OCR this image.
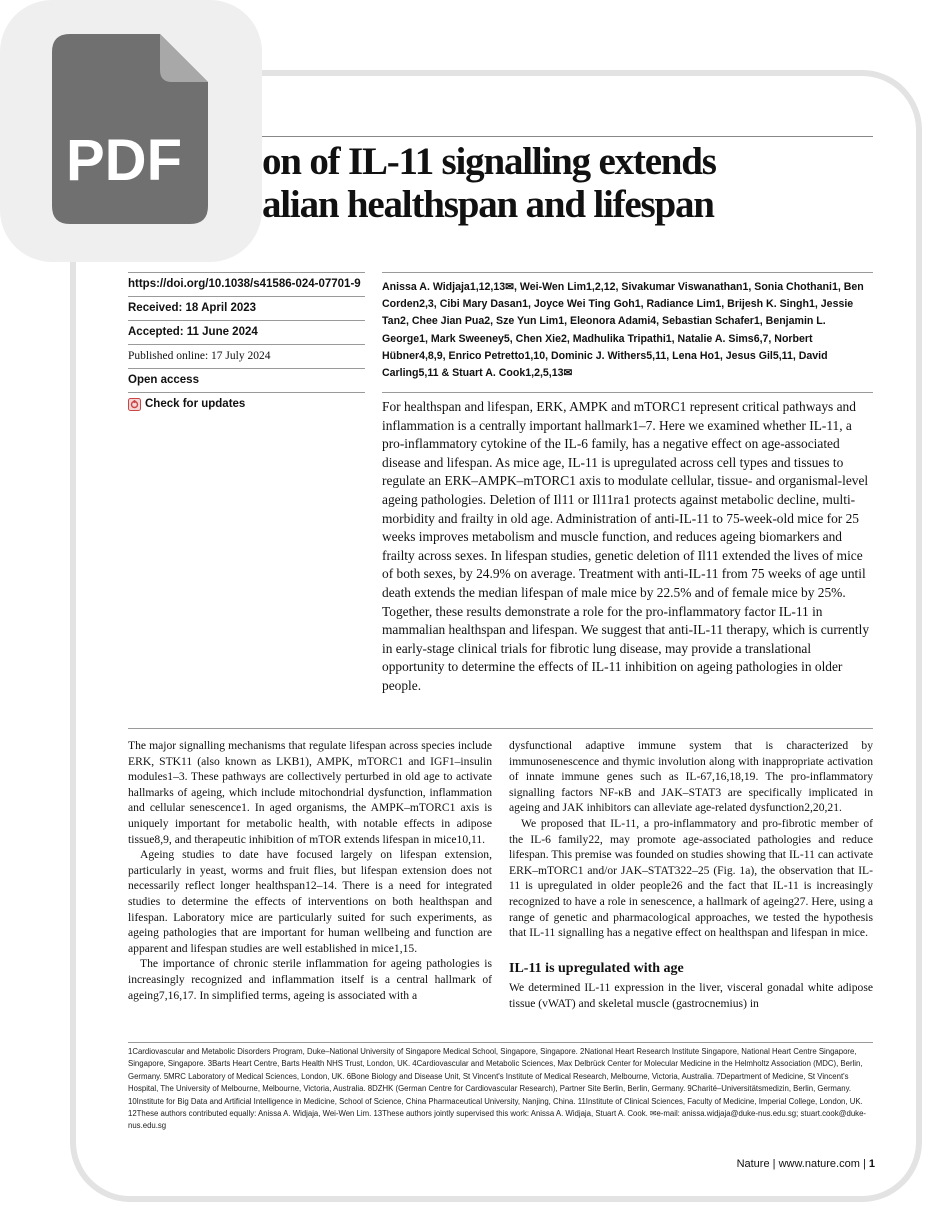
on of IL-11 signalling extends
alian healthspan and lifespan
https://doi.org/10.1038/s41586-024-07701-9
Received: 18 April 2023
Accepted: 11 June 2024
Published online: 17 July 2024
Open access
Check for updates
Anissa A. Widjaja1,12,13✉, Wei-Wen Lim1,2,12, Sivakumar Viswanathan1, Sonia Chothani1, Ben Corden2,3, Cibi Mary Dasan1, Joyce Wei Ting Goh1, Radiance Lim1, Brijesh K. Singh1, Jessie Tan2, Chee Jian Pua2, Sze Yun Lim1, Eleonora Adami4, Sebastian Schafer1, Benjamin L. George1, Mark Sweeney5, Chen Xie2, Madhulika Tripathi1, Natalie A. Sims6,7, Norbert Hübner4,8,9, Enrico Petretto1,10, Dominic J. Withers5,11, Lena Ho1, Jesus Gil5,11, David Carling5,11 & Stuart A. Cook1,2,5,13✉

For healthspan and lifespan, ERK, AMPK and mTORC1 represent critical pathways and inflammation is a centrally important hallmark1–7. Here we examined whether IL-11, a pro-inflammatory cytokine of the IL-6 family, has a negative effect on age-associated disease and lifespan. As mice age, IL-11 is upregulated across cell types and tissues to regulate an ERK–AMPK–mTORC1 axis to modulate cellular, tissue- and organismal-level ageing pathologies. Deletion of Il11 or Il11ra1 protects against metabolic decline, multi-morbidity and frailty in old age. Administration of anti-IL-11 to 75-week-old mice for 25 weeks improves metabolism and muscle function, and reduces ageing biomarkers and frailty across sexes. In lifespan studies, genetic deletion of Il11 extended the lives of mice of both sexes, by 24.9% on average. Treatment with anti-IL-11 from 75 weeks of age until death extends the median lifespan of male mice by 22.5% and of female mice by 25%. Together, these results demonstrate a role for the pro-inflammatory factor IL-11 in mammalian healthspan and lifespan. We suggest that anti-IL-11 therapy, which is currently in early-stage clinical trials for fibrotic lung disease, may provide a translational opportunity to determine the effects of IL-11 inhibition on ageing pathologies in older people.

The major signalling mechanisms that regulate lifespan across species include ERK, STK11 (also known as LKB1), AMPK, mTORC1 and IGF1–insulin modules1–3. These pathways are collectively perturbed in old age to activate hallmarks of ageing, which include mitochondrial dysfunction, inflammation and cellular senescence1. In aged organisms, the AMPK–mTORC1 axis is uniquely important for metabolic health, with notable effects in adipose tissue8,9, and therapeutic inhibition of mTOR extends lifespan in mice10,11.

Ageing studies to date have focused largely on lifespan extension, particularly in yeast, worms and fruit flies, but lifespan extension does not necessarily reflect longer healthspan12–14. There is a need for integrated studies to determine the effects of interventions on both healthspan and lifespan. Laboratory mice are particularly suited for such experiments, as ageing pathologies that are important for human wellbeing and function are apparent and lifespan studies are well established in mice1,15.

The importance of chronic sterile inflammation for ageing pathologies is increasingly recognized and inflammation itself is a central hallmark of ageing7,16,17. In simplified terms, ageing is associated with a

dysfunctional adaptive immune system that is characterized by immunosenescence and thymic involution along with inappropriate activation of innate immune genes such as IL-67,16,18,19. The pro-inflammatory signalling factors NF-κB and JAK–STAT3 are specifically implicated in ageing and JAK inhibitors can alleviate age-related dysfunction2,20,21.

We proposed that IL-11, a pro-inflammatory and pro-fibrotic member of the IL-6 family22, may promote age-associated pathologies and reduce lifespan. This premise was founded on studies showing that IL-11 can activate ERK–mTORC1 and/or JAK–STAT322–25 (Fig. 1a), the observation that IL-11 is upregulated in older people26 and the fact that IL-11 is increasingly recognized to have a role in senescence, a hallmark of ageing27. Here, using a range of genetic and pharmacological approaches, we tested the hypothesis that IL-11 signalling has a negative effect on healthspan and lifespan in mice.

IL-11 is upregulated with age

We determined IL-11 expression in the liver, visceral gonadal white adipose tissue (vWAT) and skeletal muscle (gastrocnemius) in

1Cardiovascular and Metabolic Disorders Program, Duke–National University of Singapore Medical School, Singapore, Singapore. 2National Heart Research Institute Singapore, National Heart Centre Singapore, Singapore, Singapore. 3Barts Heart Centre, Barts Health NHS Trust, London, UK. 4Cardiovascular and Metabolic Sciences, Max Delbrück Center for Molecular Medicine in the Helmholtz Association (MDC), Berlin, Germany. 5MRC Laboratory of Medical Sciences, London, UK. 6Bone Biology and Disease Unit, St Vincent's Institute of Medical Research, Melbourne, Victoria, Australia. 7Department of Medicine, St Vincent's Hospital, The University of Melbourne, Melbourne, Victoria, Australia. 8DZHK (German Centre for Cardiovascular Research), Partner Site Berlin, Berlin, Germany. 9Charité–Universitätsmedizin, Berlin, Germany. 10Institute for Big Data and Artificial Intelligence in Medicine, School of Science, China Pharmaceutical University, Nanjing, China. 11Institute of Clinical Sciences, Faculty of Medicine, Imperial College, London, UK. 12These authors contributed equally: Anissa A. Widjaja, Wei-Wen Lim. 13These authors jointly supervised this work: Anissa A. Widjaja, Stuart A. Cook. ✉e-mail: anissa.widjaja@duke-nus.edu.sg; stuart.cook@duke-nus.edu.sg

Nature | www.nature.com | 1
PDF
